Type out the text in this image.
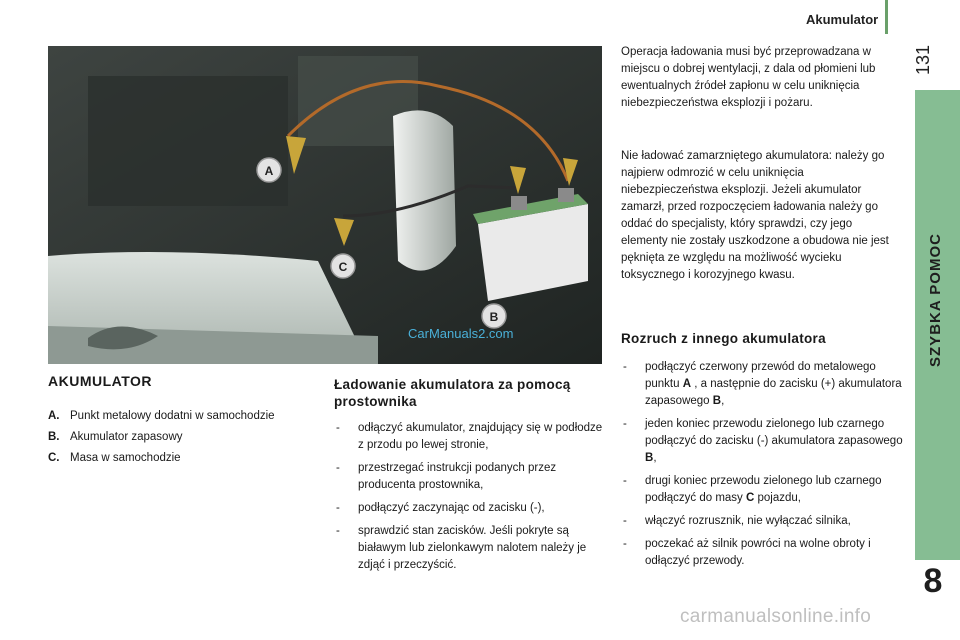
Akumulator
131
SZYBKA POMOC
8
A
C
B
CarManuals2.com
AKUMULATOR
A. Punkt metalowy dodatni w samochodzie
B. Akumulator zapasowy
C. Masa w samochodzie
Ładowanie akumulatora za pomocą prostownika
- odłączyć akumulator, znajdujący się w podłodze z przodu po lewej stronie,
- przestrzegać instrukcji podanych przez producenta prostownika,
- podłączyć zaczynając od zacisku (-),
- sprawdzić stan zacisków. Jeśli pokryte są białawym lub zielonkawym nalotem należy je zdjąć i przeczyścić.

Operacja ładowania musi być przeprowadzana w miejscu o dobrej wentylacji, z dala od płomieni lub ewentualnych źródeł zapłonu w celu uniknięcia niebezpieczeństwa eksplozji i pożaru.

Nie ładować zamarzniętego akumulatora: należy go najpierw odmrozić w celu uniknięcia niebezpieczeństwa eksplozji. Jeżeli akumulator zamarzł, przed rozpoczęciem ładowania należy go oddać do specjalisty, który sprawdzi, czy jego elementy nie zostały uszkodzone a obudowa nie jest pęknięta ze względu na możliwość wycieku toksycznego i korozyjnego kwasu.

Rozruch z innego akumulatora
- podłączyć czerwony przewód do metalowego punktu A , a następnie do zacisku (+) akumulatora zapasowego B,
- jeden koniec przewodu zielonego lub czarnego podłączyć do zacisku (-) akumulatora zapasowego B,
- drugi koniec przewodu zielonego lub czarnego podłączyć do masy C pojazdu,
- włączyć rozrusznik, nie wyłączać silnika,
- poczekać aż silnik powróci na wolne obroty i odłączyć przewody.
carmanualsonline.info
